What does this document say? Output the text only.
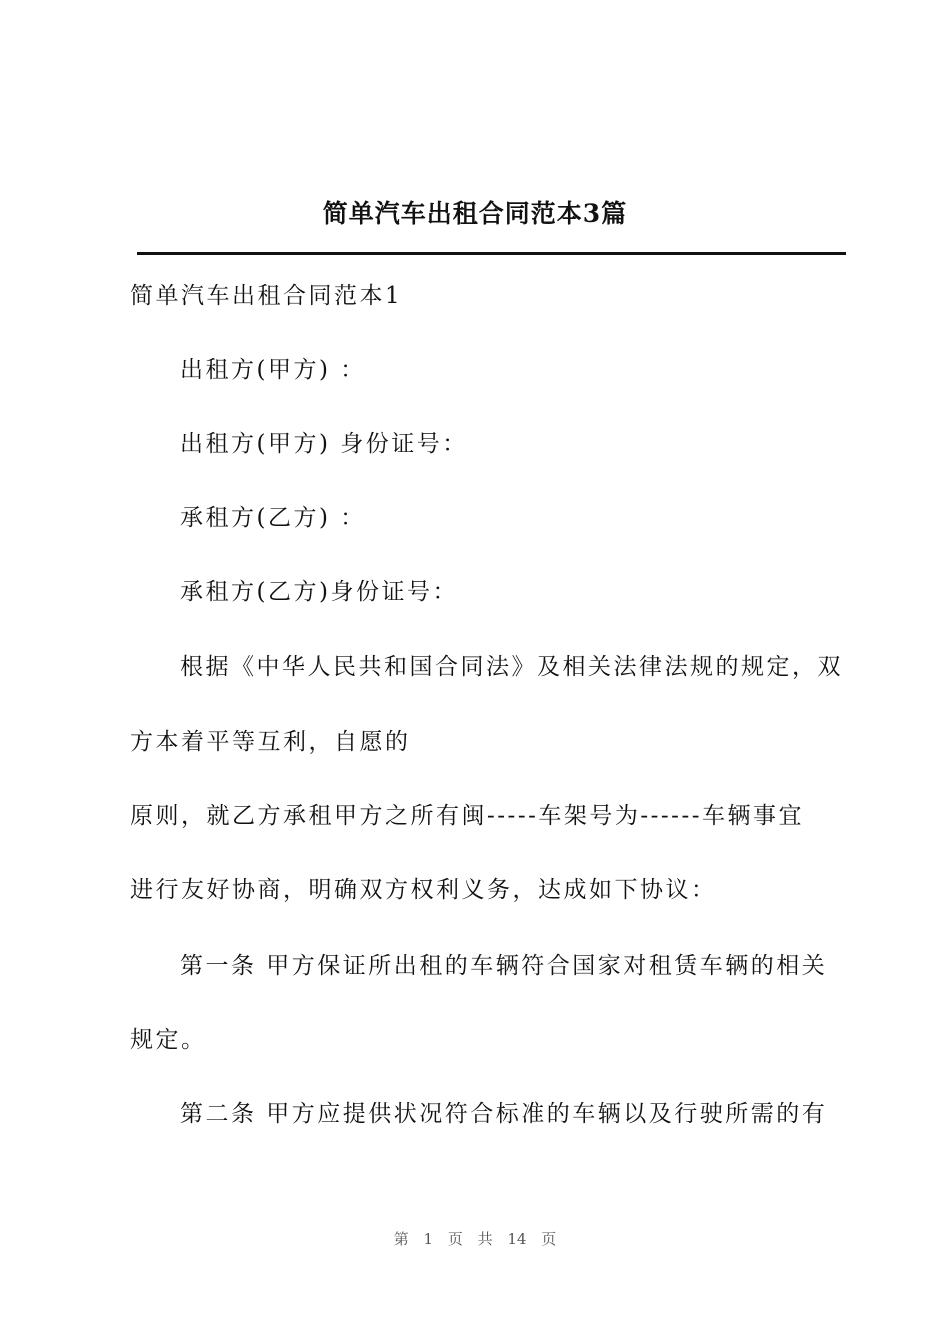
简单汽车出租合同范本3篇
简单汽车出租合同范本1
出租方(甲方) ：
出租方(甲方) 身份证号：
承租方(乙方) ：
承租方(乙方)身份证号：
根据《中华人民共和国合同法》及相关法律法规的规定，双
方本着平等互利，自愿的
原则，就乙方承租甲方之所有闽-----车架号为------车辆事宜
进行友好协商，明确双方权利义务，达成如下协议：
第一条 甲方保证所出租的车辆符合国家对租赁车辆的相关
规定。
第二条 甲方应提供状况符合标准的车辆以及行驶所需的有
第 1 页 共 14 页
